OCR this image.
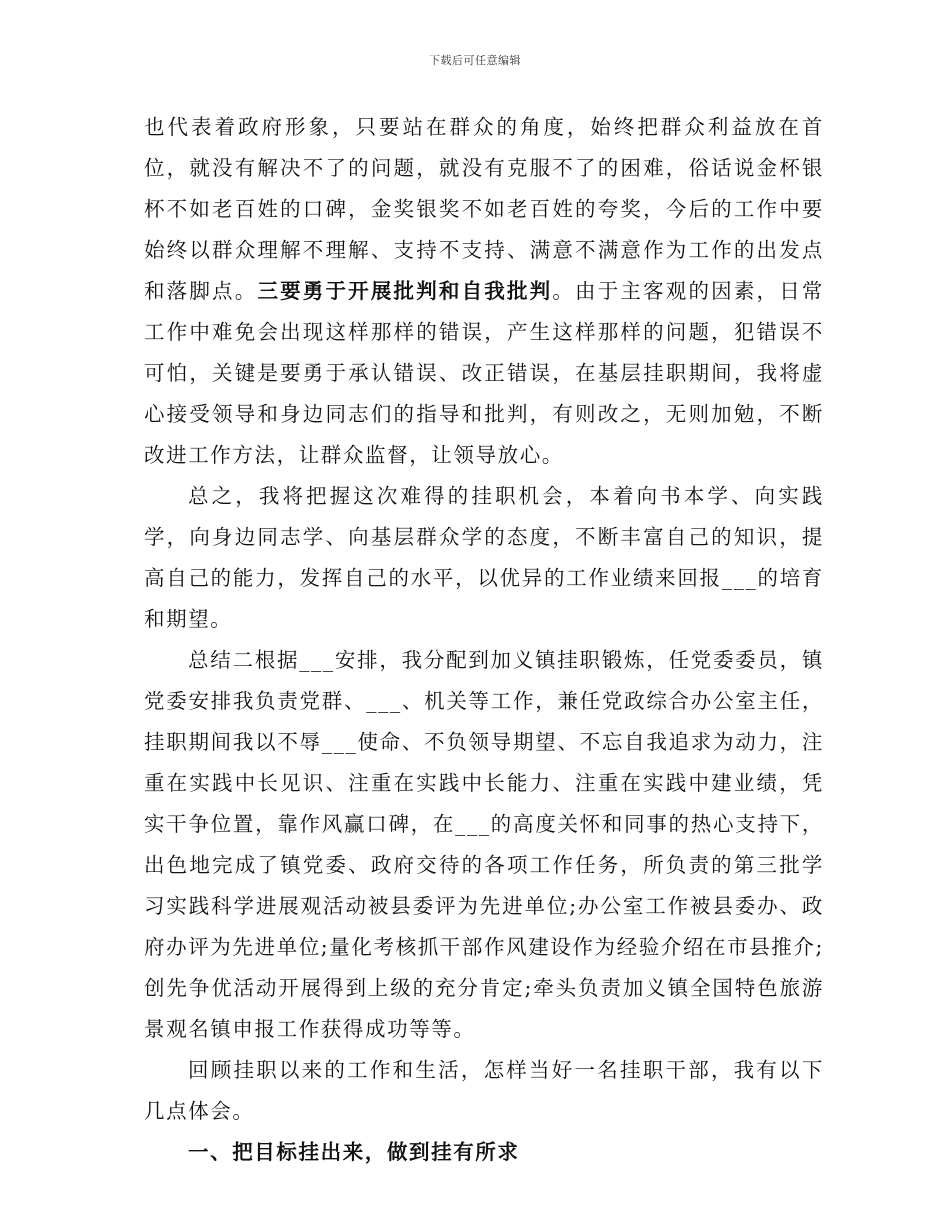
下载后可任意编辑

也代表着政府形象，只要站在群众的角度，始终把群众利益放在首位，就没有解决不了的问题，就没有克服不了的困难，俗话说金杯银杯不如老百姓的口碑，金奖银奖不如老百姓的夸奖，今后的工作中要始终以群众理解不理解、支持不支持、满意不满意作为工作的出发点和落脚点。三要勇于开展批判和自我批判。由于主客观的因素，日常工作中难免会出现这样那样的错误，产生这样那样的问题，犯错误不可怕，关键是要勇于承认错误、改正错误，在基层挂职期间，我将虚心接受领导和身边同志们的指导和批判，有则改之，无则加勉，不断改进工作方法，让群众监督，让领导放心。

总之，我将把握这次难得的挂职机会，本着向书本学、向实践学，向身边同志学、向基层群众学的态度，不断丰富自己的知识，提高自己的能力，发挥自己的水平，以优异的工作业绩来回报___的培育和期望。

总结二根据___安排，我分配到加义镇挂职锻炼，任党委委员，镇党委安排我负责党群、___、机关等工作，兼任党政综合办公室主任，挂职期间我以不辱___使命、不负领导期望、不忘自我追求为动力，注重在实践中长见识、注重在实践中长能力、注重在实践中建业绩，凭实干争位置，靠作风赢口碑，在___的高度关怀和同事的热心支持下，出色地完成了镇党委、政府交待的各项工作任务，所负责的第三批学习实践科学进展观活动被县委评为先进单位;办公室工作被县委办、政府办评为先进单位;量化考核抓干部作风建设作为经验介绍在市县推介;创先争优活动开展得到上级的充分肯定;牵头负责加义镇全国特色旅游景观名镇申报工作获得成功等等。

回顾挂职以来的工作和生活，怎样当好一名挂职干部，我有以下几点体会。

一、把目标挂出来，做到挂有所求
